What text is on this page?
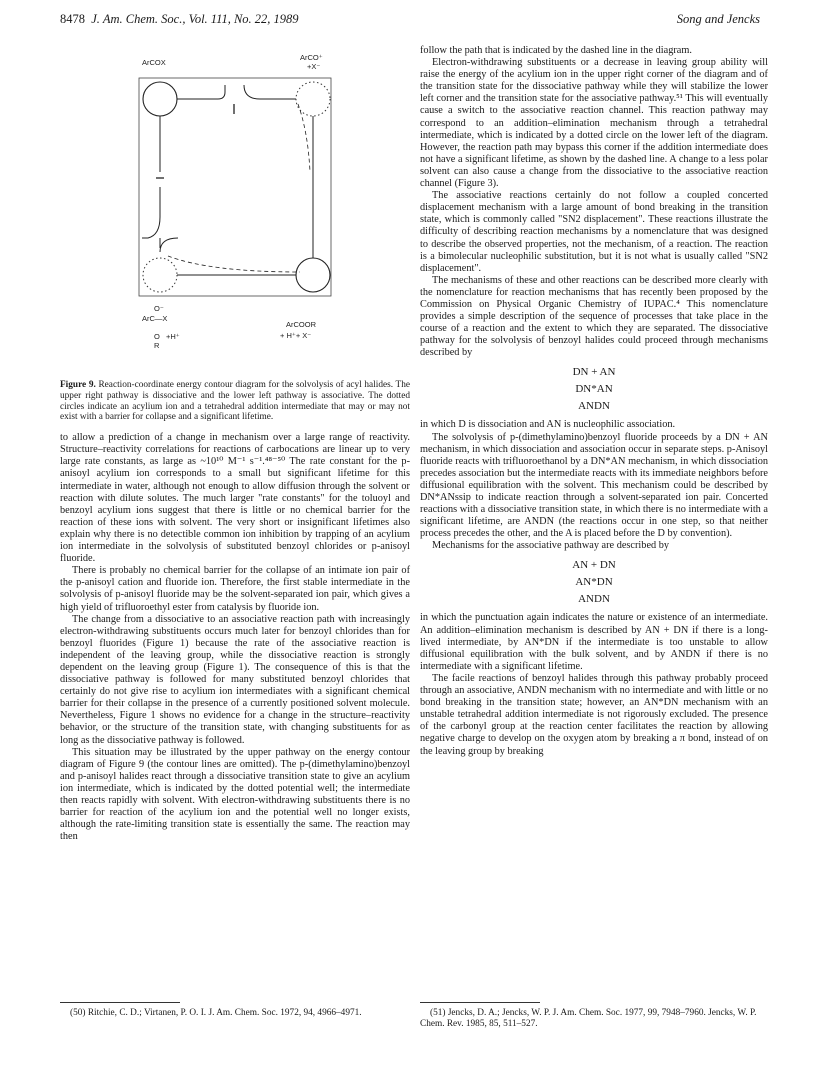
8478 J. Am. Chem. Soc., Vol. 111, No. 22, 1989	Song and Jencks
ArCOX
ArCO⁺
+X⁻
O⁻
ArC—X
O
R
+H⁺
ArCOOR
+ H⁺+ X⁻
Figure 9. Reaction-coordinate energy contour diagram for the solvolysis of acyl halides. The upper right pathway is dissociative and the lower left pathway is associative. The dotted circles indicate an acylium ion and a tetrahedral addition intermediate that may or may not exist with a barrier for collapse and a significant lifetime.

to allow a prediction of a change in mechanism over a large range of reactivity. Structure–reactivity correlations for reactions of carbocations are linear up to very large rate constants, as large as ~10¹⁰ M⁻¹ s⁻¹.⁴⁸⁻⁵⁰ The rate constant for the p-anisoyl acylium ion corresponds to a small but significant lifetime for this intermediate in water, although not enough to allow diffusion through the solvent or reaction with dilute solutes. The much larger "rate constants" for the toluoyl and benzoyl acylium ions suggest that there is little or no chemical barrier for the reaction of these ions with solvent. The very short or insignificant lifetimes also explain why there is no detectible common ion inhibition by trapping of an acylium ion intermediate in the solvolysis of substituted benzoyl chlorides or p-anisoyl fluoride.

There is probably no chemical barrier for the collapse of an intimate ion pair of the p-anisoyl cation and fluoride ion. Therefore, the first stable intermediate in the solvolysis of p-anisoyl fluoride may be the solvent-separated ion pair, which gives a high yield of trifluoroethyl ester from catalysis by fluoride ion.

The change from a dissociative to an associative reaction path with increasingly electron-withdrawing substituents occurs much later for benzoyl chlorides than for benzoyl fluorides (Figure 1) because the rate of the associative reaction is independent of the leaving group, while the dissociative reaction is strongly dependent on the leaving group (Figure 1). The consequence of this is that the dissociative pathway is followed for many substituted benzoyl chlorides that certainly do not give rise to acylium ion intermediates with a significant chemical barrier for their collapse in the presence of a currently positioned solvent molecule. Nevertheless, Figure 1 shows no evidence for a change in the structure–reactivity behavior, or the structure of the transition state, with changing substituents for as long as the dissociative pathway is followed.

This situation may be illustrated by the upper pathway on the energy contour diagram of Figure 9 (the contour lines are omitted). The p-(dimethylamino)benzoyl and p-anisoyl halides react through a dissociative transition state to give an acylium ion intermediate, which is indicated by the dotted potential well; the intermediate then reacts rapidly with solvent. With electron-withdrawing substituents there is no barrier for reaction of the acylium ion and the potential well no longer exists, although the rate-limiting transition state is essentially the same. The reaction may then

follow the path that is indicated by the dashed line in the diagram.

Electron-withdrawing substituents or a decrease in leaving group ability will raise the energy of the acylium ion in the upper right corner of the diagram and of the transition state for the dissociative pathway while they will stabilize the lower left corner and the transition state for the associative pathway.⁵¹ This will eventually cause a switch to the associative reaction channel. This reaction pathway may correspond to an addition–elimination mechanism through a tetrahedral intermediate, which is indicated by a dotted circle on the lower left of the diagram. However, the reaction path may bypass this corner if the addition intermediate does not have a significant lifetime, as shown by the dashed line. A change to a less polar solvent can also cause a change from the dissociative to the associative reaction channel (Figure 3).

The associative reactions certainly do not follow a coupled concerted displacement mechanism with a large amount of bond breaking in the transition state, which is commonly called "SN2 displacement". These reactions illustrate the difficulty of describing reaction mechanisms by a nomenclature that was designed to describe the observed properties, not the mechanism, of a reaction. The reaction is a bimolecular nucleophilic substitution, but it is not what is usually called "SN2 displacement".

The mechanisms of these and other reactions can be described more clearly with the nomenclature for reaction mechanisms that has recently been proposed by the Commission on Physical Organic Chemistry of IUPAC.⁴ This nomenclature provides a simple description of the sequence of processes that take place in the course of a reaction and the extent to which they are separated. The dissociative pathway for the solvolysis of benzoyl halides could proceed through mechanisms described by

DN + AN
DN*AN
ANDN

in which D is dissociation and AN is nucleophilic association.

The solvolysis of p-(dimethylamino)benzoyl fluoride proceeds by a DN + AN mechanism, in which dissociation and association occur in separate steps. p-Anisoyl fluoride reacts with trifluoroethanol by a DN*AN mechanism, in which dissociation precedes association but the intermediate reacts with its immediate neighbors before diffusional equilibration with the solvent. This mechanism could be described by DN*ANssip to indicate reaction through a solvent-separated ion pair. Concerted reactions with a dissociative transition state, in which there is no intermediate with a significant lifetime, are ANDN (the reactions occur in one step, so that neither process precedes the other, and the A is placed before the D by convention).

Mechanisms for the associative pathway are described by

AN + DN
AN*DN
ANDN

in which the punctuation again indicates the nature or existence of an intermediate. An addition–elimination mechanism is described by AN + DN if there is a long-lived intermediate, by AN*DN if the intermediate is too unstable to allow diffusional equilibration with the bulk solvent, and by ANDN if there is no intermediate with a significant lifetime.

The facile reactions of benzoyl halides through this pathway probably proceed through an associative, ANDN mechanism with no intermediate and with little or no bond breaking in the transition state; however, an AN*DN mechanism with an unstable tetrahedral addition intermediate is not rigorously excluded. The presence of the carbonyl group at the reaction center facilitates the reaction by allowing negative charge to develop on the oxygen atom by breaking a π bond, instead of on the leaving group by breaking

(50) Ritchie, C. D.; Virtanen, P. O. I. J. Am. Chem. Soc. 1972, 94, 4966–4971.	(51) Jencks, D. A.; Jencks, W. P. J. Am. Chem. Soc. 1977, 99, 7948–7960. Jencks, W. P. Chem. Rev. 1985, 85, 511–527.
